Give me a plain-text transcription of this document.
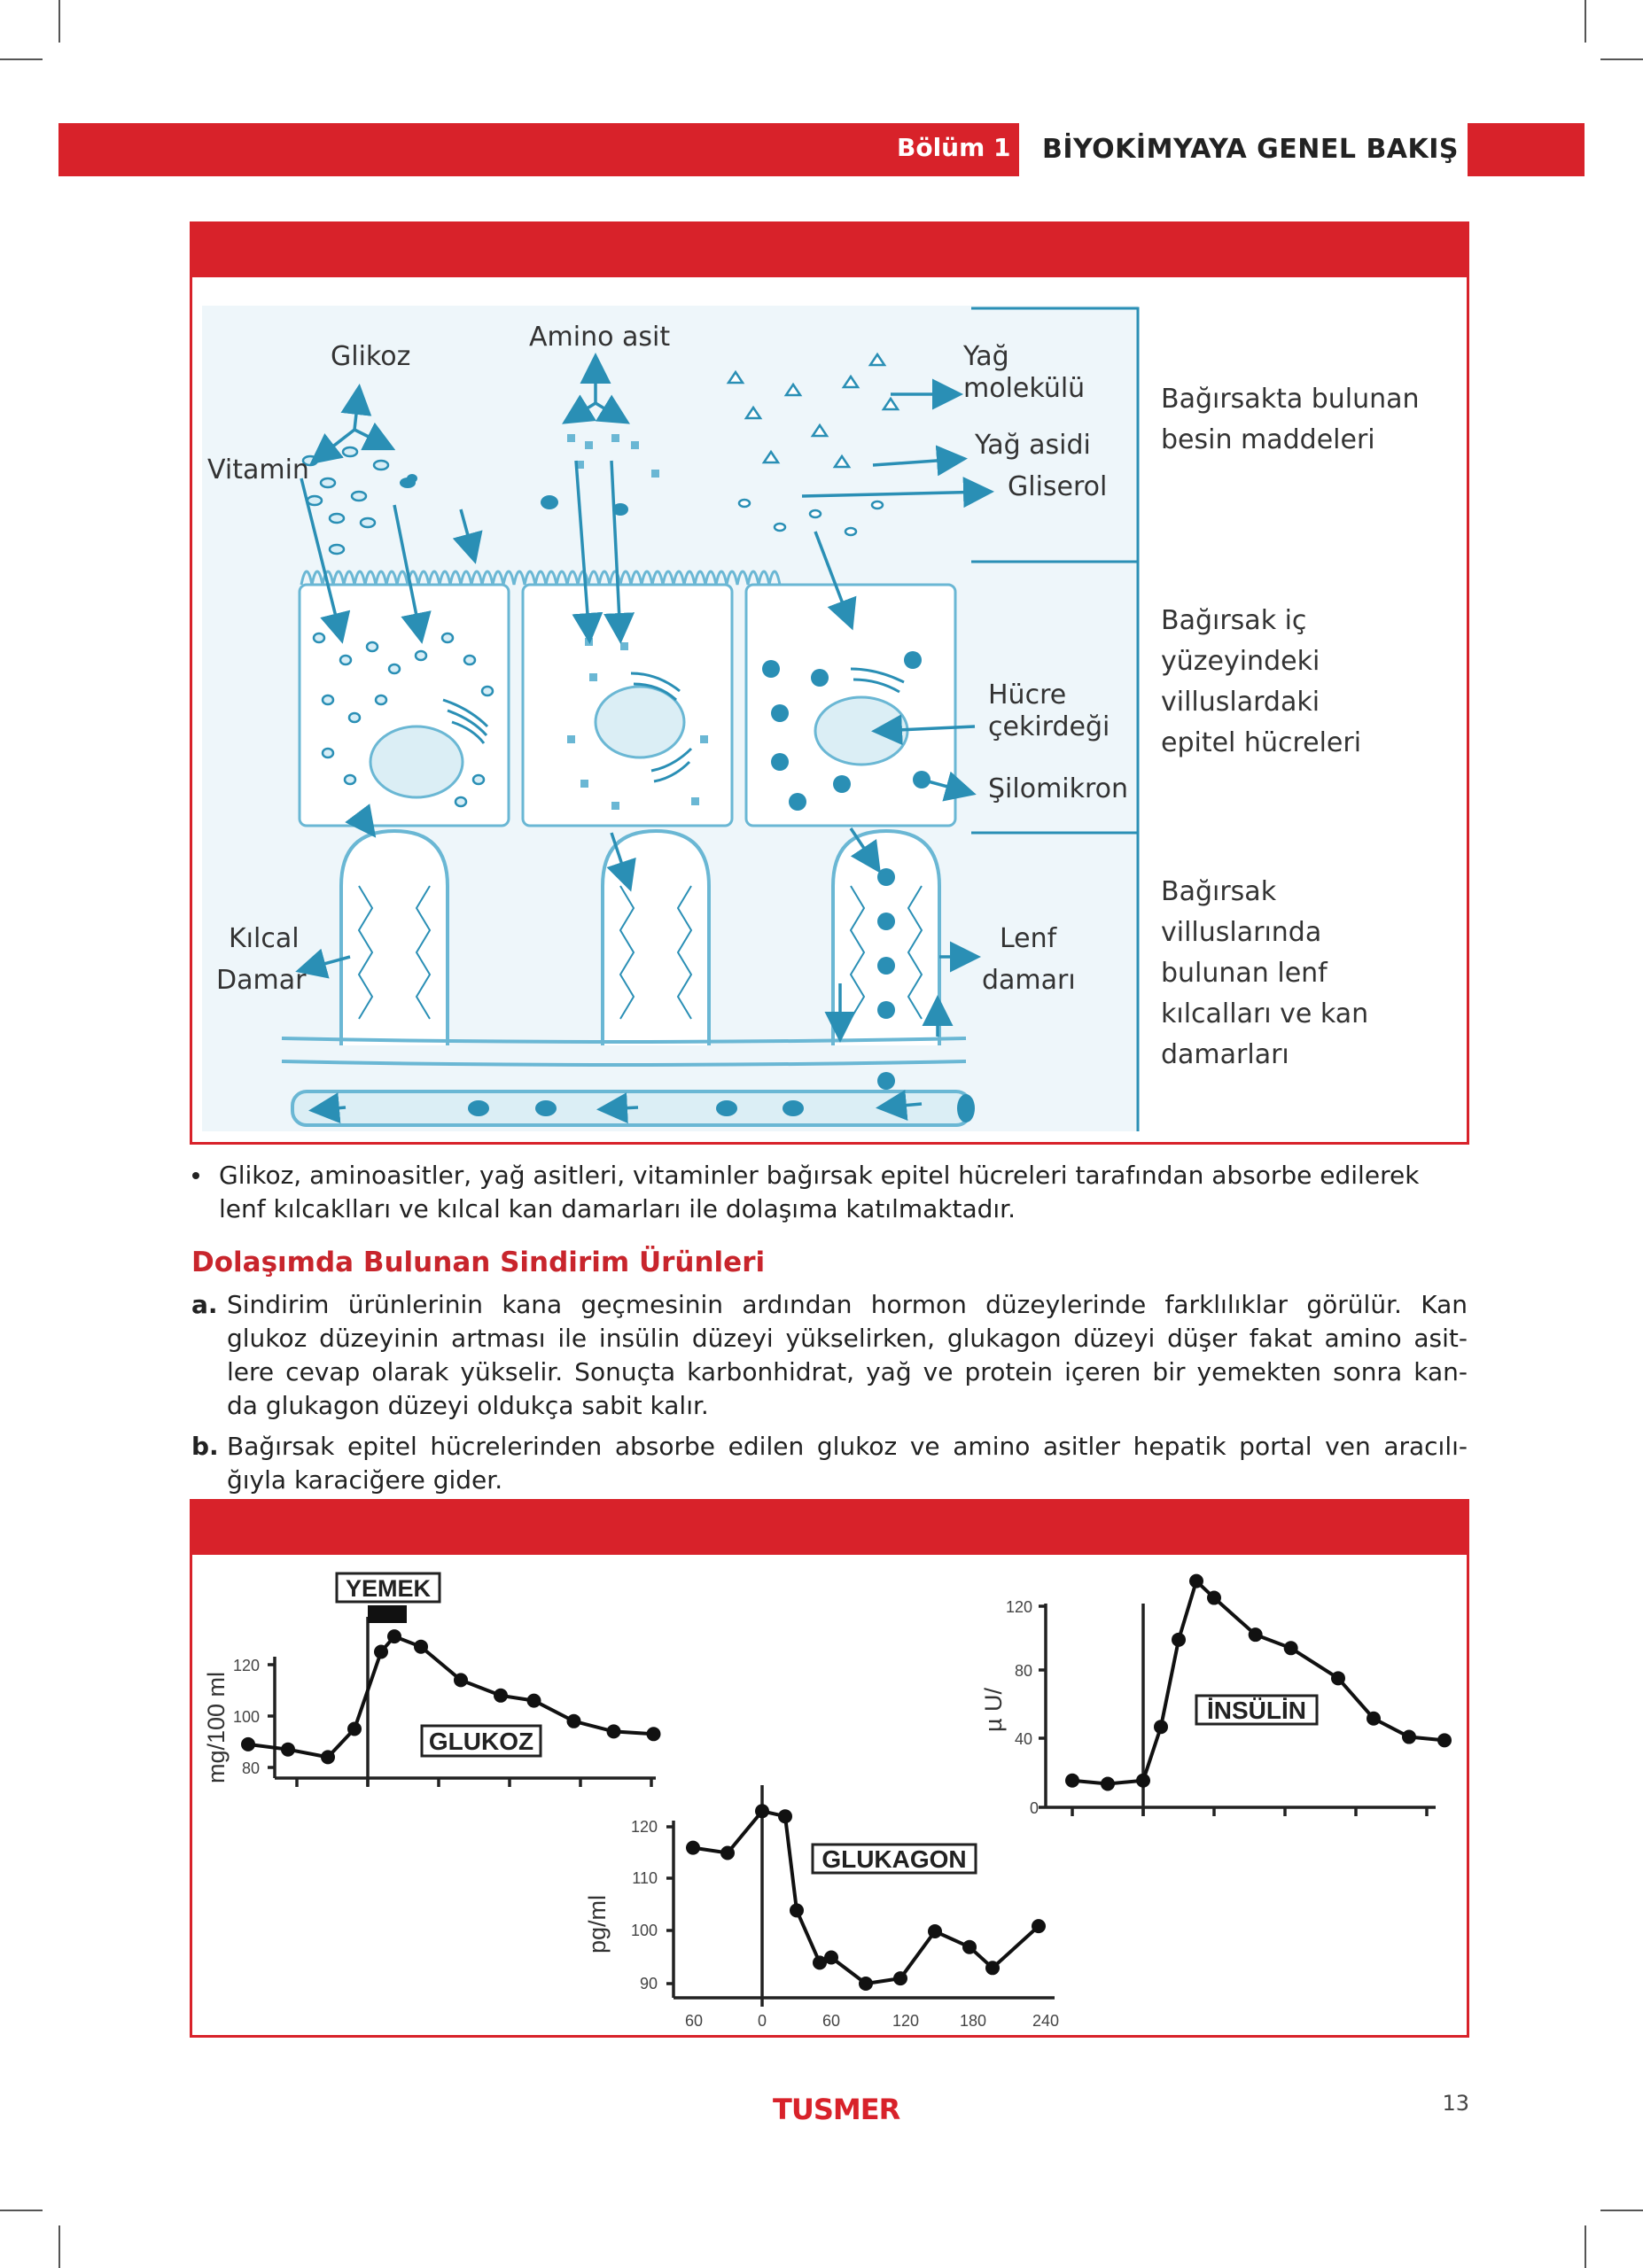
Bölüm 1 BİYOKİMYAYA GENEL BAKIŞ
Glikoz
Amino asit
Yağ
molekülü
Vitamin
Yağ asidi
Gliserol
Hücre
çekirdeği
Şilomikron
Kılcal
Damar
Lenf
damarı
Bağırsakta bulunan
besin maddeleri
Bağırsak iç
yüzeyindeki
villuslardaki
epitel hücreleri
Bağırsak
villuslarında
bulunan lenf
kılcalları ve kan
damarları
Glikoz, aminoasitler, yağ asitleri, vitaminler bağırsak epitel hücreleri tarafından absorbe edilerek
lenf kılcaklları ve kılcal kan damarları ile dolaşıma katılmaktadır.
Dolaşımda Bulunan Sindirim Ürünleri
a. Sindirim ürünlerinin kana geçmesinin ardından hormon düzeylerinde farklılıklar görülür. Kan
glukoz düzeyinin artması ile insülin düzeyi yükselirken, glukagon düzeyi düşer fakat amino asit-
lere cevap olarak yükselir. Sonuçta karbonhidrat, yağ ve protein içeren bir yemekten sonra kan-
da glukagon düzeyi oldukça sabit kalır.
b. Bağırsak epitel hücrelerinden absorbe edilen glukoz ve amino asitler hepatik portal ven aracılı-
ğıyla karaciğere gider.
YEMEK
GLUKOZ
120
100
80
mg/100 ml
GLUKAGON
120
110
100
90
60	0	60	120	180	240
pg/ml
İNSÜLİN
120
80
40
0
µ U/
TUSMER	13
